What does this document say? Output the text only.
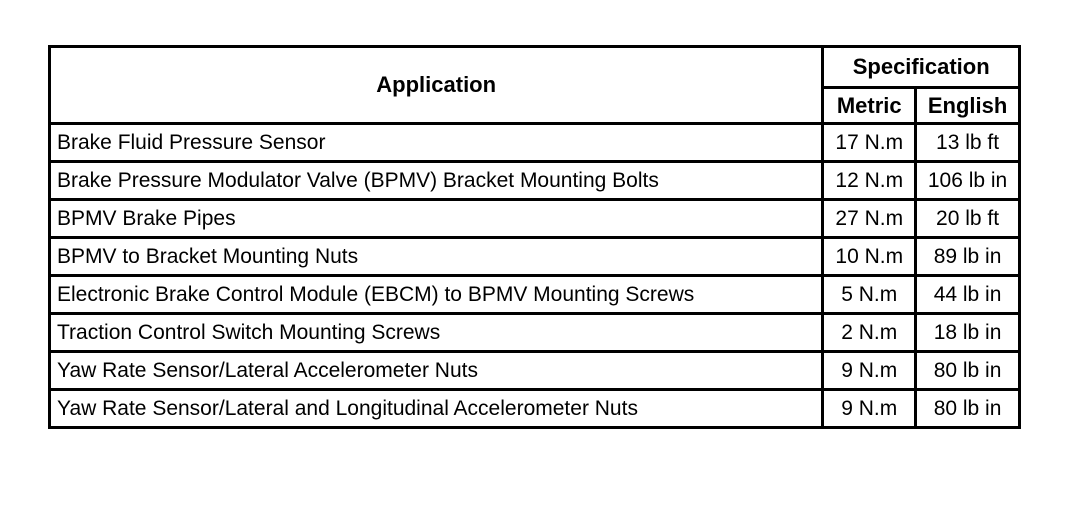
Application	Specification	
	Metric	English
Brake Fluid Pressure Sensor	17 N.m	13 lb ft
Brake Pressure Modulator Valve (BPMV) Bracket Mounting Bolts	12 N.m	106 lb in
BPMV Brake Pipes	27 N.m	20 lb ft
BPMV to Bracket Mounting Nuts	10 N.m	89 lb in
Electronic Brake Control Module (EBCM) to BPMV Mounting Screws	5 N.m	44 lb in
Traction Control Switch Mounting Screws	2 N.m	18 lb in
Yaw Rate Sensor/Lateral Accelerometer Nuts	9 N.m	80 lb in
Yaw Rate Sensor/Lateral and Longitudinal Accelerometer Nuts	9 N.m	80 lb in
